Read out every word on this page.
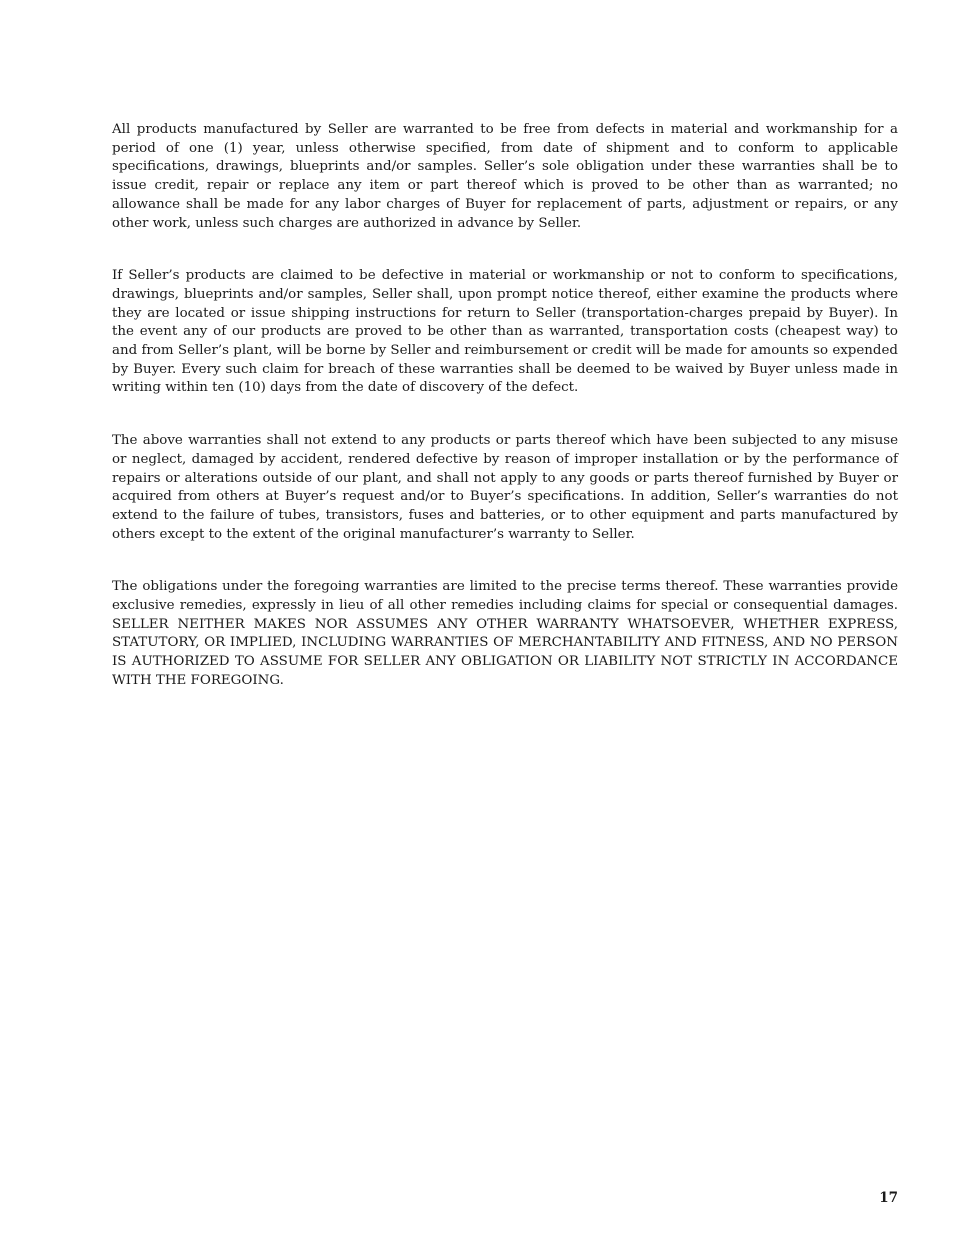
All products manufactured by Seller are warranted to be free from defects in material and workmanship for a period of one (1) year, unless otherwise specified, from date of shipment and to conform to applicable specifications, drawings, blueprints and/or samples. Seller’s sole obligation under these warranties shall be to issue credit, repair or replace any item or part thereof which is proved to be other than as warranted; no allowance shall be made for any labor charges of Buyer for replacement of parts, adjustment or repairs, or any other work, unless such charges are authorized in advance by Seller.

If Seller’s products are claimed to be defective in material or workmanship or not to conform to specifications, drawings, blueprints and/or samples, Seller shall, upon prompt notice thereof, either examine the products where they are located or issue shipping instructions for return to Seller (transportation-charges prepaid by Buyer). In the event any of our products are proved to be other than as warranted, transportation costs (cheapest way) to and from Seller’s plant, will be borne by Seller and reimbursement or credit will be made for amounts so expended by Buyer. Every such claim for breach of these warranties shall be deemed to be waived by Buyer unless made in writing within ten (10) days from the date of discovery of the defect.

The above warranties shall not extend to any products or parts thereof which have been subjected to any misuse or neglect, damaged by accident, rendered defective by reason of improper installation or by the performance of repairs or alterations outside of our plant, and shall not apply to any goods or parts thereof furnished by Buyer or acquired from others at Buyer’s request and/or to Buyer’s specifications. In addition, Seller’s warranties do not extend to the failure of tubes, transistors, fuses and batteries, or to other equipment and parts manufactured by others except to the extent of the original manufacturer’s warranty to Seller.

The obligations under the foregoing warranties are limited to the precise terms thereof. These warranties provide exclusive remedies, expressly in lieu of all other remedies including claims for special or consequential damages. SELLER NEITHER MAKES NOR ASSUMES ANY OTHER WARRANTY WHATSOEVER, WHETHER EXPRESS, STATUTORY, OR IMPLIED, INCLUDING WARRANTIES OF MERCHANTABILITY AND FITNESS, AND NO PERSON IS AUTHORIZED TO ASSUME FOR SELLER ANY OBLIGATION OR LIABILITY NOT STRICTLY IN ACCORDANCE WITH THE FOREGOING.

17
